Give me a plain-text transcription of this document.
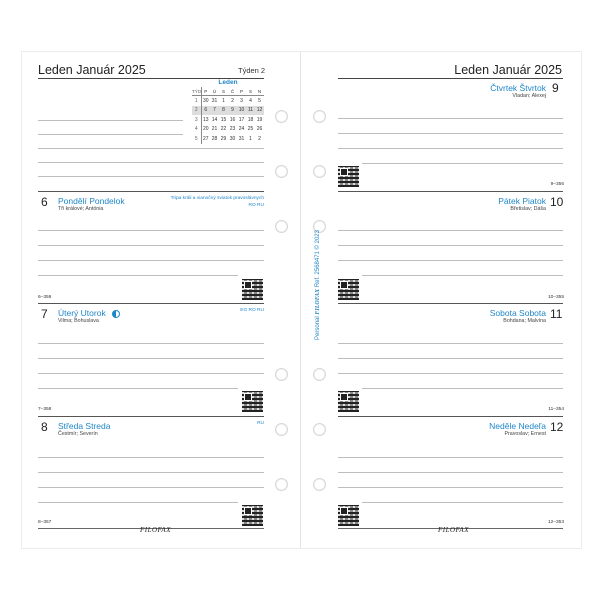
Leden Január 2025	Týden 2
Leden
TÝD	P	Ú	S	Č	P	S	N
1	30	31	1	2	3	4	5
2	6	7	8	9	10	11	12
3	13	14	15	16	17	18	19
4	20	21	22	23	24	25	26
5	27	28	29	30	31	1	2
6 Pondělí Pondelok
Tři králové; Antónia
Tripa králi a vianočný sviatok pravoslávnych
RO RU
6–359
7 Úterý Utorok
Vilma; Bohuslava
EG RO RU
7–358
8 Středa Streda
Čestmír; Severín
RU
8–357
FILOFAX
Leden Január 2025
9
Čtvrtek Štvrtok
Vladan; Alexej
9–356
10
Pátek Piatok
Břetislav; Dáša
10–355
11
Sobota Sobota
Bohdana; Malvína
11–354
12
Neděle Nedeľa
Pravoslav; Ernest
12–353
FILOFAX
Personal FILOFAX Ref. 2568471 © 2023
